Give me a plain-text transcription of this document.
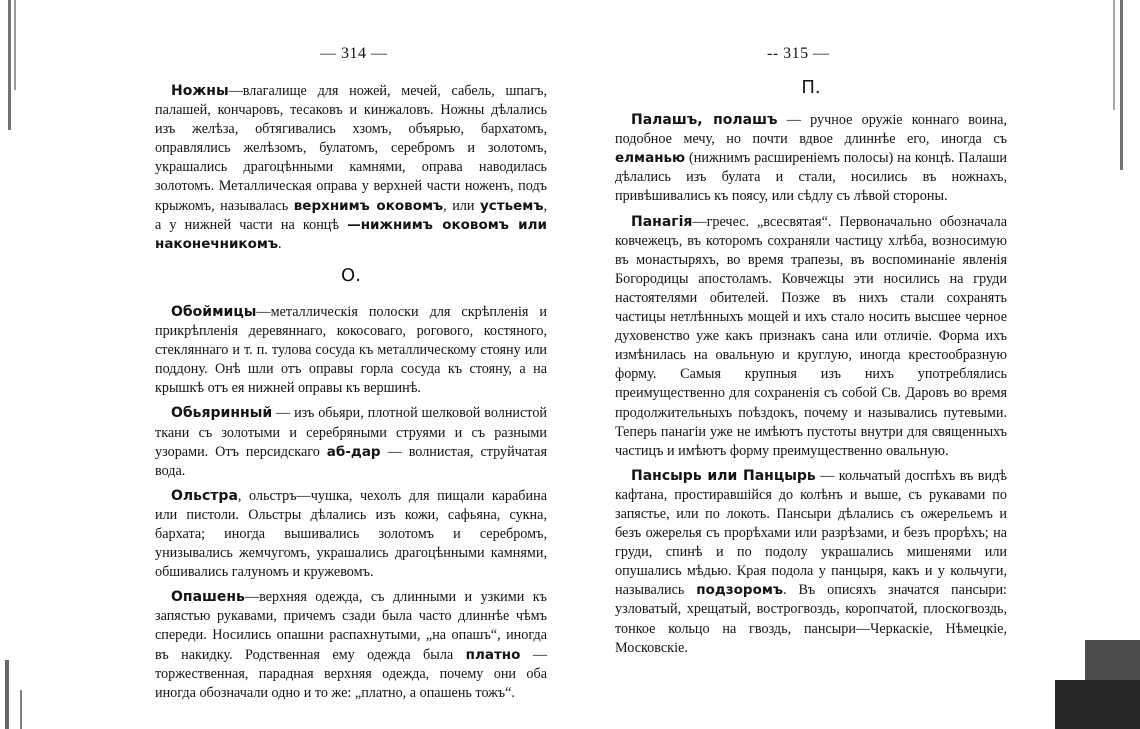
— 314 —

Ножны—влагалище для ножей, мечей, сабель, шпагъ, палашей, кончаровъ, тесаковъ и кинжаловъ. Ножны дѣлались изъ желѣза, обтягивались хзомъ, объярью, бархатомъ, оправлялись желѣзомъ, булатомъ, серебромъ и золотомъ, украшались драгоцѣнными камнями, оправа наводилась золотомъ. Металлическая оправа у верхней части ноженъ, подъ крыжомъ, называлась верхнимъ оковомъ, или устьемъ, а у нижней части на концѣ —нижнимъ оковомъ или наконечникомъ.

О.

Обоймицы—металлическія полоски для скрѣпленія и прикрѣпленія деревяннаго, кокосоваго, рогового, костяного, стекляннаго и т. п. тулова сосуда къ металлическому стояну или поддону. Онѣ шли отъ оправы горла сосуда къ стояну, а на крышкѣ отъ ея нижней оправы къ вершинѣ.

Обьяринный — изъ обьяри, плотной шелковой волнистой ткани съ золотыми и серебряными струями и съ разными узорами. Отъ персидскаго аб-дар — волнистая, струйчатая вода.

Ольстра, ольстръ—чушка, чехолъ для пищали карабина или пистоли. Ольстры дѣлались изъ кожи, сафьяна, сукна, бархата; иногда вышивались золотомъ и серебромъ, унизывались жемчугомъ, украшались драгоцѣнными камнями, обшивались галуномъ и кружевомъ.

Опашень—верхняя одежда, съ длинными и узкими къ запястью рукавами, причемъ сзади была часто длиннѣе чѣмъ спереди. Носились опашни распахнутыми, „на опашъ“, иногда въ накидку. Родственная ему одежда была платно — торжественная, парадная верхняя одежда, почему они оба иногда обозначали одно и то же: „платно, а опашень тожъ“.

-- 315 —
П.

Палашъ, полашъ — ручное оружіе коннаго воина, подобное мечу, но почти вдвое длиннѣе его, иногда съ елманью (нижнимъ расширеніемъ полосы) на концѣ. Палаши дѣлались изъ булата и стали, носились въ ножнахъ, привѣшивались къ поясу, или сѣдлу съ лѣвой стороны.

Панагія—гречес. „всесвятая“. Первоначально обозначала ковчежецъ, въ которомъ сохраняли частицу хлѣба, возносимую въ монастыряхъ, во время трапезы, въ воспоминаніе явленія Богородицы апостоламъ. Ковчежцы эти носились на груди настоятелями обителей. Позже въ нихъ стали сохранять частицы нетлѣнныхъ мощей и ихъ стало носить высшее черное духовенство уже какъ признакъ сана или отличіе. Форма ихъ измѣнилась на овальную и круглую, иногда крестообразную форму. Самыя крупныя изъ нихъ употреблялись преимущественно для сохраненія съ собой Св. Даровъ во время продолжительныхъ поѣздокъ, почему и назывались путевыми. Теперь панагіи уже не имѣютъ пустоты внутри для священныхъ частицъ и имѣютъ форму преимущественно овальную.

Пансырь или Панцырь — кольчатый доспѣхъ въ видѣ кафтана, простиравшійся до колѣнъ и выше, съ рукавами по запястье, или по локоть. Пансыри дѣлались съ ожерельемъ и безъ ожерелья съ прорѣхами или разрѣзами, и безъ прорѣхъ; на груди, спинѣ и по подолу украшались мишенями или опушались мѣдью. Края подола у панцыря, какъ и у кольчуги, назывались подзоромъ. Въ описяхъ значатся пансыри: узловатый, хрещатый, вострогвоздь, коропчатой, плоскогвоздь, тонкое кольцо на гвоздь, пансыри—Черкаскіе, Нѣмецкіе, Московскіе.
